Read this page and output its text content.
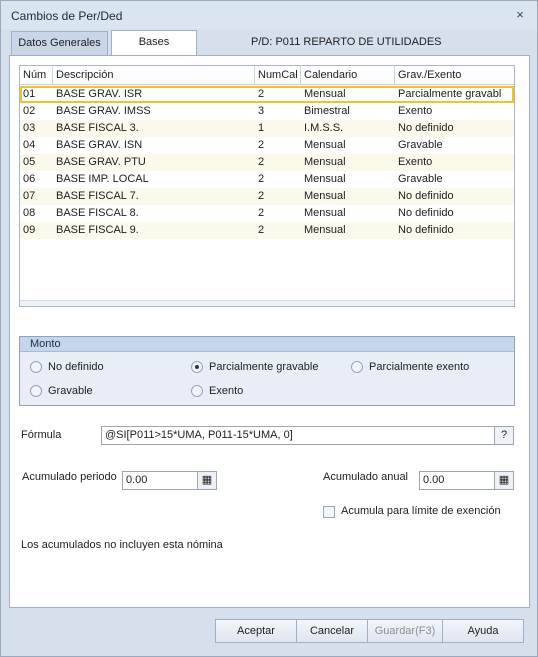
Cambios de Per/Ded	×
Datos Generales	Bases	P/D: P011 REPARTO DE UTILIDADES
Núm Descripción	NumCal Calendario	Grav./Exento
01	BASE GRAV. ISR	2	Mensual	Parcialmente gravabl
02	BASE GRAV. IMSS	3	Bimestral	Exento
03	BASE FISCAL 3.	1	I.M.S.S.	No definido
04	BASE GRAV. ISN	2	Mensual	Gravable
05	BASE GRAV. PTU	2	Mensual	Exento
06	BASE IMP. LOCAL	2	Mensual	Gravable
07	BASE FISCAL 7.	2	Mensual	No definido
08	BASE FISCAL 8.	2	Mensual	No definido
09	BASE FISCAL 9.	2	Mensual	No definido
Monto
No definido	Parcialmente gravable	Parcialmente exento
Gravable	Exento
Fórmula	@SI[P011>15*UMA, P011-15*UMA, 0]	?
Acumulado periodo 0.00	▦	Acumulado anual	0.00	▦
Acumula para límite de exención
Los acumulados no incluyen esta nómina
Aceptar	Cancelar	Guardar(F3)	Ayuda
